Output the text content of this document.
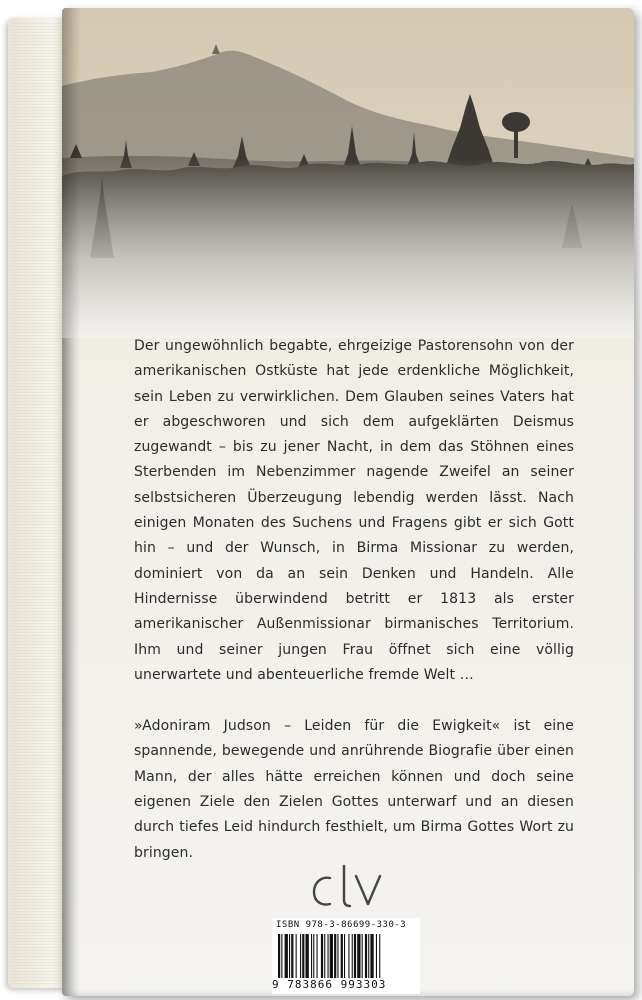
Der ungewöhnlich begabte, ehrgeizige Pastorensohn von der amerikanischen Ostküste hat jede erdenkliche Möglichkeit, sein Leben zu verwirklichen. Dem Glauben seines Vaters hat er abgeschworen und sich dem aufgeklärten Deismus zugewandt – bis zu jener Nacht, in dem das Stöhnen eines Sterbenden im Nebenzimmer nagende Zweifel an seiner selbstsicheren Überzeugung lebendig werden lässt. Nach einigen Monaten des Suchens und Fragens gibt er sich Gott hin – und der Wunsch, in Birma Missionar zu werden, dominiert von da an sein Denken und Handeln. Alle Hindernisse überwindend betritt er 1813 als erster amerikanischer Außenmissionar birmanisches Territorium. Ihm und seiner jungen Frau öffnet sich eine völlig unerwartete und abenteuerliche fremde Welt …

»Adoniram Judson – Leiden für die Ewigkeit« ist eine spannende, bewegende und anrührende Biografie über einen Mann, der alles hätte erreichen können und doch seine eigenen Ziele den Zielen Gottes unterwarf und an diesen durch tiefes Leid hindurch festhielt, um Birma Gottes Wort zu bringen.

ISBN 978-3-86699-330-3
9 783866 993303
